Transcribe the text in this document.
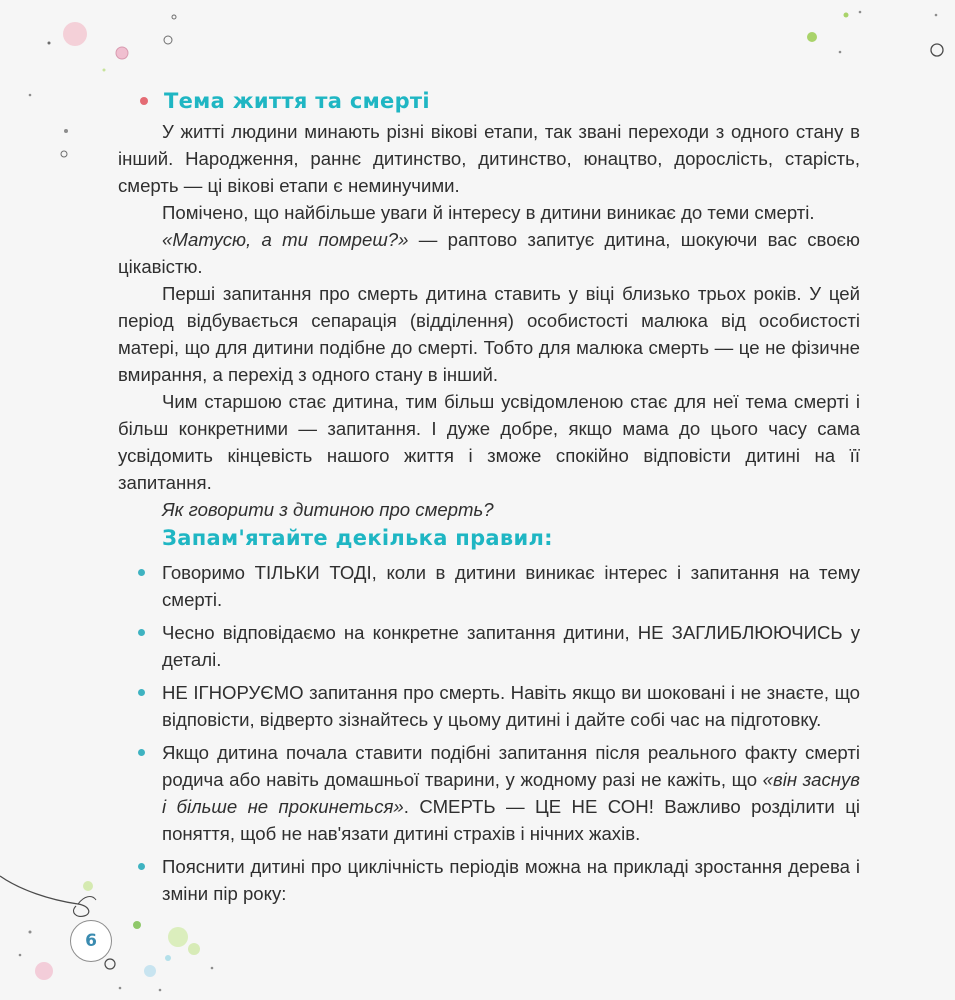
Тема життя та смерті

У житті людини минають різні вікові етапи, так звані переходи з одного стану в інший. Народження, раннє дитинство, дитинство, юнацтво, дорослість, старість, смерть — ці вікові етапи є неминучими.

Помічено, що найбільше уваги й інтересу в дитини виникає до теми смерті.

«Матусю, а ти помреш?» — раптово запитує дитина, шокуючи вас своєю цікавістю.

Перші запитання про смерть дитина ставить у віці близько трьох років. У цей період відбувається сепарація (відділення) особистості малюка від особистості матері, що для дитини подібне до смерті. Тобто для малюка смерть — це не фізичне вмирання, а перехід з одного стану в інший.

Чим старшою стає дитина, тим більш усвідомленою стає для неї тема смерті і більш конкретними — запитання. І дуже добре, якщо мама до цього часу сама усвідомить кінцевість нашого життя і зможе спокійно відповісти дитині на її запитання.

Як говорити з дитиною про смерть?

Запам'ятайте декілька правил:
Говоримо ТІЛЬКИ ТОДІ, коли в дитини виникає інтерес і запитання на тему смерті.
Чесно відповідаємо на конкретне запитання дитини, НЕ ЗАГЛИБЛЮЮЧИСЬ у деталі.
НЕ ІГНОРУЄМО запитання про смерть. Навіть якщо ви шоковані і не знаєте, що відповісти, відверто зізнайтесь у цьому дитині і дайте собі час на підготовку.
Якщо дитина почала ставити подібні запитання після реального факту смерті родича або навіть домашньої тварини, у жодному разі не кажіть, що «він заснув і більше не прокинеться». СМЕРТЬ — ЦЕ НЕ СОН! Важливо розділити ці поняття, щоб не нав'язати дитині страхів і нічних жахів.
Пояснити дитині про циклічність періодів можна на прикладі зростання дерева і зміни пір року:
6
